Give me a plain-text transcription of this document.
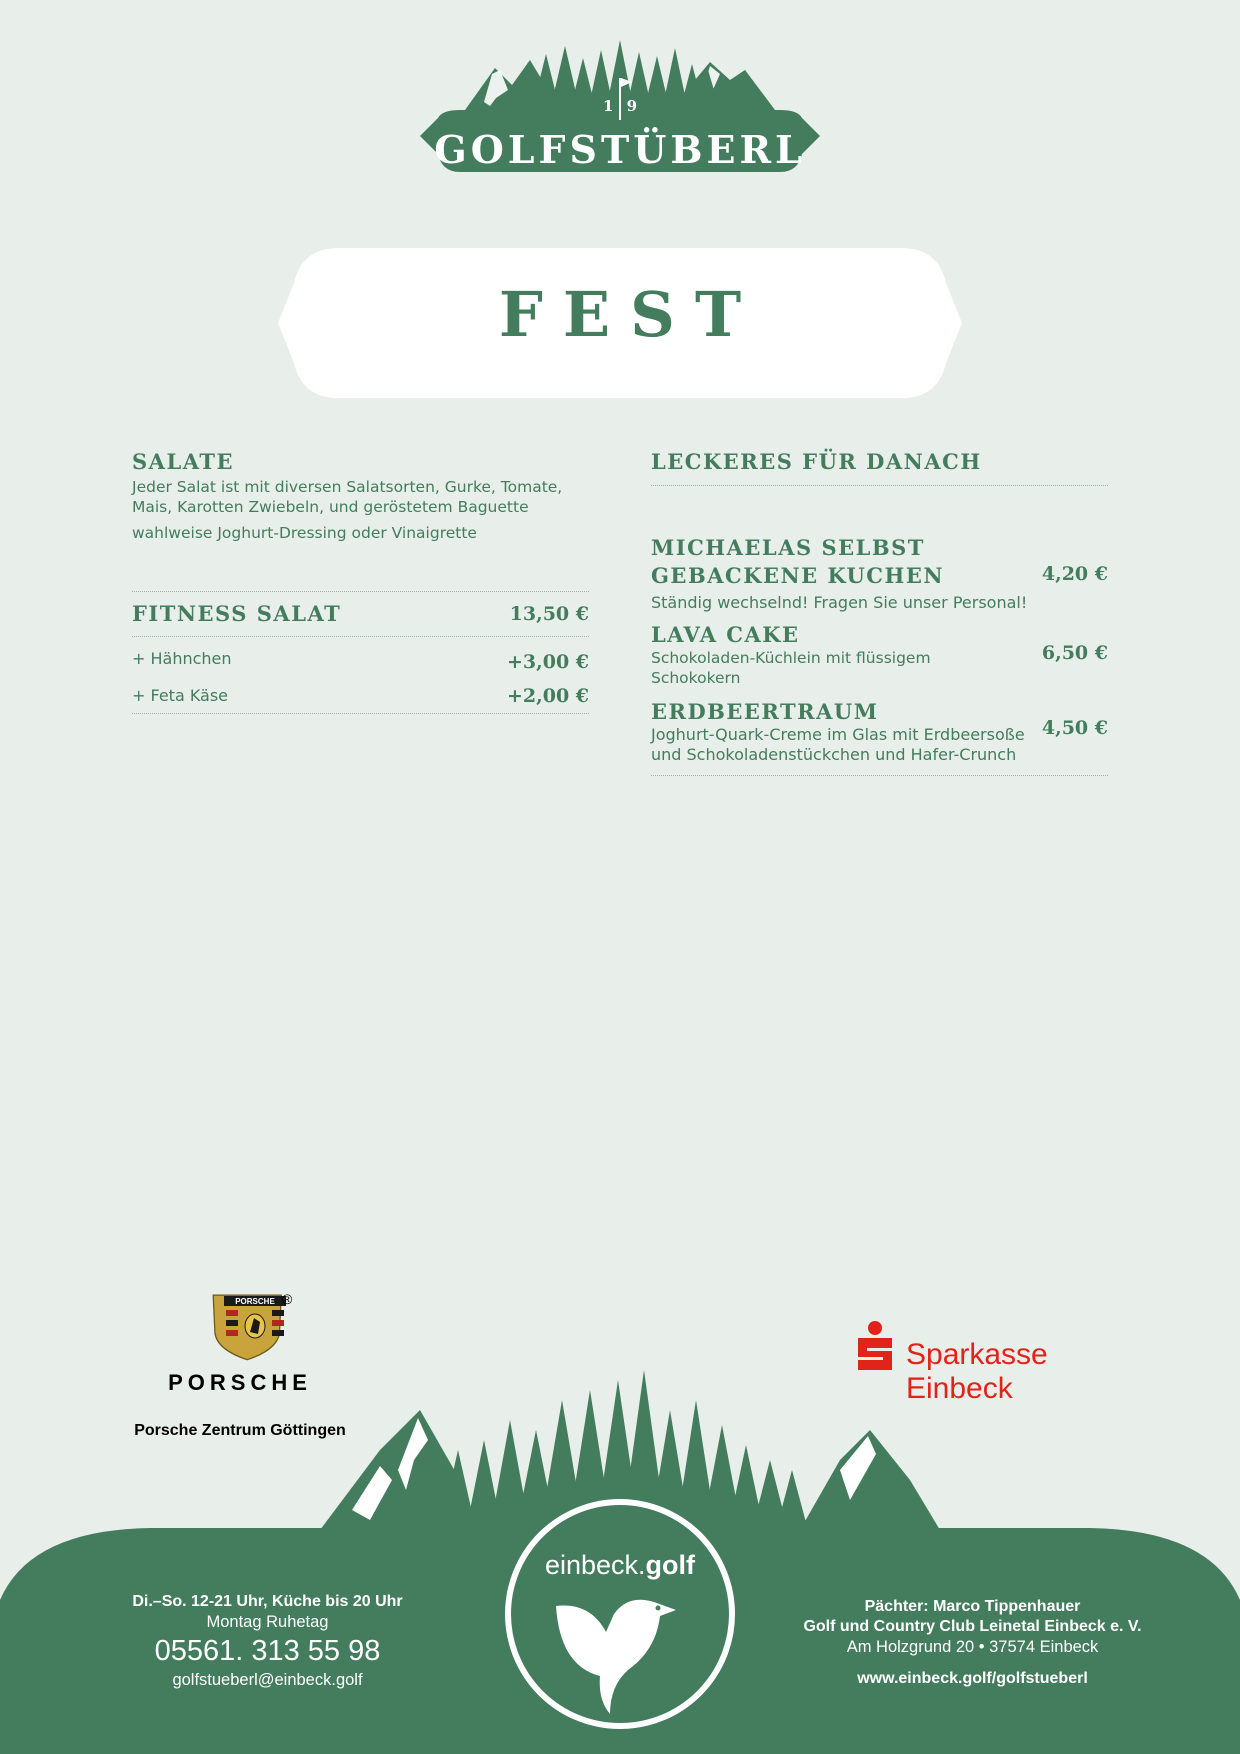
1 9
GOLFSTÜBERL
FEST
SALATE
Jeder Salat ist mit diversen Salatsorten, Gurke, Tomate, Mais, Karotten Zwiebeln, und geröstetem Baguette
wahlweise Joghurt-Dressing oder Vinaigrette
FITNESS SALAT	13,50 €
+ Hähnchen	+3,00 €
+ Feta Käse	+2,00 €
LECKERES FÜR DANACH
MICHAELAS SELBST
GEBACKENE KUCHEN	4,20 €
Ständig wechselnd! Fragen Sie unser Personal!
LAVA CAKE
Schokoladen-Küchlein mit flüssigem Schokokern
6,50 €
ERDBEERTRAUM
Joghurt-Quark-Creme im Glas mit Erdbeersoße und Schokoladenstückchen und Hafer-Crunch
4,50 €
PORSCHE ®
PORSCHE
Porsche Zentrum Göttingen
Sparkasse
Einbeck
einbeck.golf
Di.–So. 12-21 Uhr, Küche bis 20 Uhr
Montag Ruhetag
05561. 313 55 98
golfstueberl@einbeck.golf
Pächter: Marco Tippenhauer
Golf und Country Club Leinetal Einbeck e. V.
Am Holzgrund 20 • 37574 Einbeck
www.einbeck.golf/golfstueberl
